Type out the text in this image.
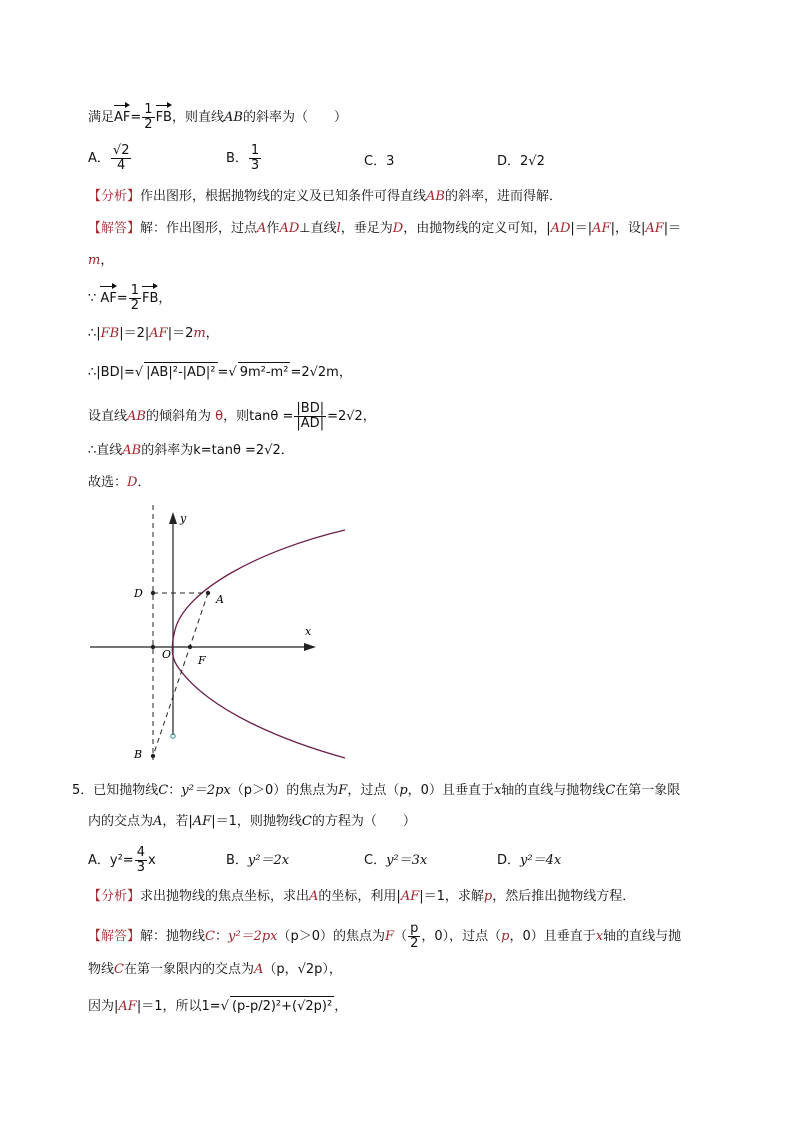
满足$AF= \frac{1}{2}$ FB，则直线AB的斜率为（　　）
A． $\frac{√2}{4}$	B． $\frac{1}{3}$	C．3	D．2√2
【分析】作出图形，根据抛物线的定义及已知条件可得直线AB的斜率，进而得解．
【解答】解：作出图形，过点A作AD⊥直线l，垂足为D，由抛物线的定义可知，|AD|＝|AF|，设|AF|＝
m，
∵ $AF= \frac{1}{2}$ FB，
∴|FB|＝2|AF|＝2m，
∴|BD|=√ |AB|²-|AD|² =√ 9m²-m² =2√2m，
设直线AB的倾斜角为 θ，则$\tan\theta = \frac{|BD|}{|AD|} =2√2$，
∴直线AB的斜率为k=tanθ =2√2．
故选：D．
y
x
D	A
O F
B
5．已知抛物线C：y²＝2px（p＞0）的焦点为F，过点（p，0）且垂直于x轴的直线与抛物线C在第一象限
内的交点为A，若|AF|＝1，则抛物线C的方程为（　　）
A．$y^2= \frac{4}{3}$ x	B．y²＝2x	C．y²＝3x	D．y²＝4x
【分析】求出抛物线的焦点坐标，求出A的坐标，利用|AF|＝1，求解p，然后推出抛物线方程．
【解答】解：抛物线C：y²＝2px（p＞0）的焦点为$F( \frac{p}{2}$ ，0），过点（p，0）且垂直于x轴的直线与抛
物线C在第一象限内的交点为A（p，√2p），
因为|AF|＝1，所以1=√ (p-p/2)²+(√2p)² ，
